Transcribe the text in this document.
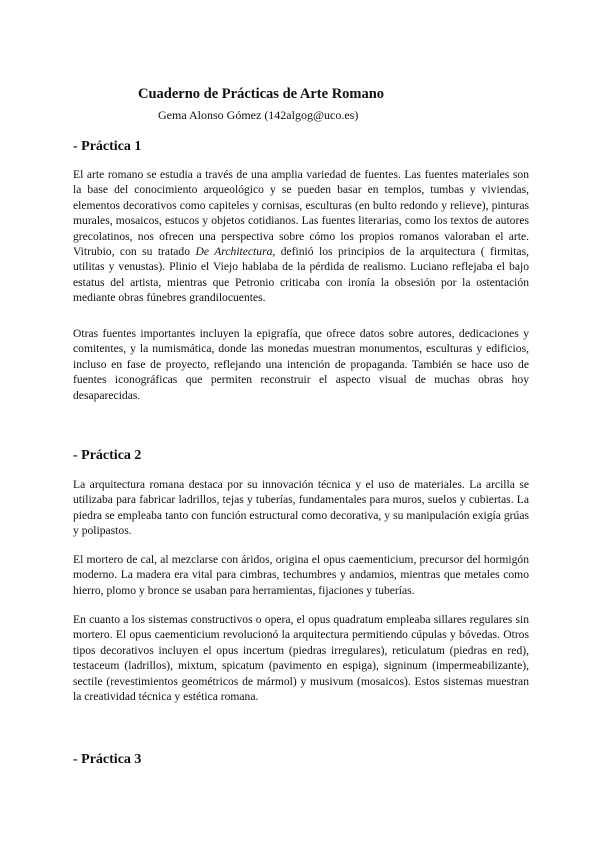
Cuaderno de Prácticas de Arte Romano
Gema Alonso Gómez (142algog@uco.es)
- Práctica 1

El arte romano se estudia a través de una amplia variedad de fuentes. Las fuentes materiales son la base del conocimiento arqueológico y se pueden basar en templos, tumbas y viviendas, elementos decorativos como capiteles y cornisas, esculturas (en bulto redondo y relieve), pinturas murales, mosaicos, estucos y objetos cotidianos. Las fuentes literarias, como los textos de autores grecolatinos, nos ofrecen una perspectiva sobre cómo los propios romanos valoraban el arte. Vitrubio, con su tratado De Architectura, definió los principios de la arquitectura ( firmitas, utilitas y venustas). Plinio el Viejo hablaba de la pérdida de realismo. Luciano reflejaba el bajo estatus del artista, mientras que Petronio criticaba con ironía la obsesión por la ostentación mediante obras fúnebres grandilocuentes.

Otras fuentes importantes incluyen la epigrafía, que ofrece datos sobre autores, dedicaciones y comitentes, y la numismática, donde las monedas muestran monumentos, esculturas y edificios, incluso en fase de proyecto, reflejando una intención de propaganda. También se hace uso de fuentes iconográficas que permiten reconstruir el aspecto visual de muchas obras hoy desaparecidas.

- Práctica 2

La arquitectura romana destaca por su innovación técnica y el uso de materiales. La arcilla se utilizaba para fabricar ladrillos, tejas y tuberías, fundamentales para muros, suelos y cubiertas. La piedra se empleaba tanto con función estructural como decorativa, y su manipulación exigía grúas y polipastos.

El mortero de cal, al mezclarse con áridos, origina el opus caementicium, precursor del hormigón moderno. La madera era vital para cimbras, techumbres y andamios, mientras que metales como hierro, plomo y bronce se usaban para herramientas, fijaciones y tuberías.

En cuanto a los sistemas constructivos o opera, el opus quadratum empleaba sillares regulares sin mortero. El opus caementicium revolucionó la arquitectura permitiendo cúpulas y bóvedas. Otros tipos decorativos incluyen el opus incertum (piedras irregulares), reticulatum (piedras en red), testaceum (ladrillos), mixtum, spicatum (pavimento en espiga), signinum (impermeabilizante), sectile (revestimientos geométricos de mármol) y musivum (mosaicos). Estos sistemas muestran la creatividad técnica y estética romana.

- Práctica 3
